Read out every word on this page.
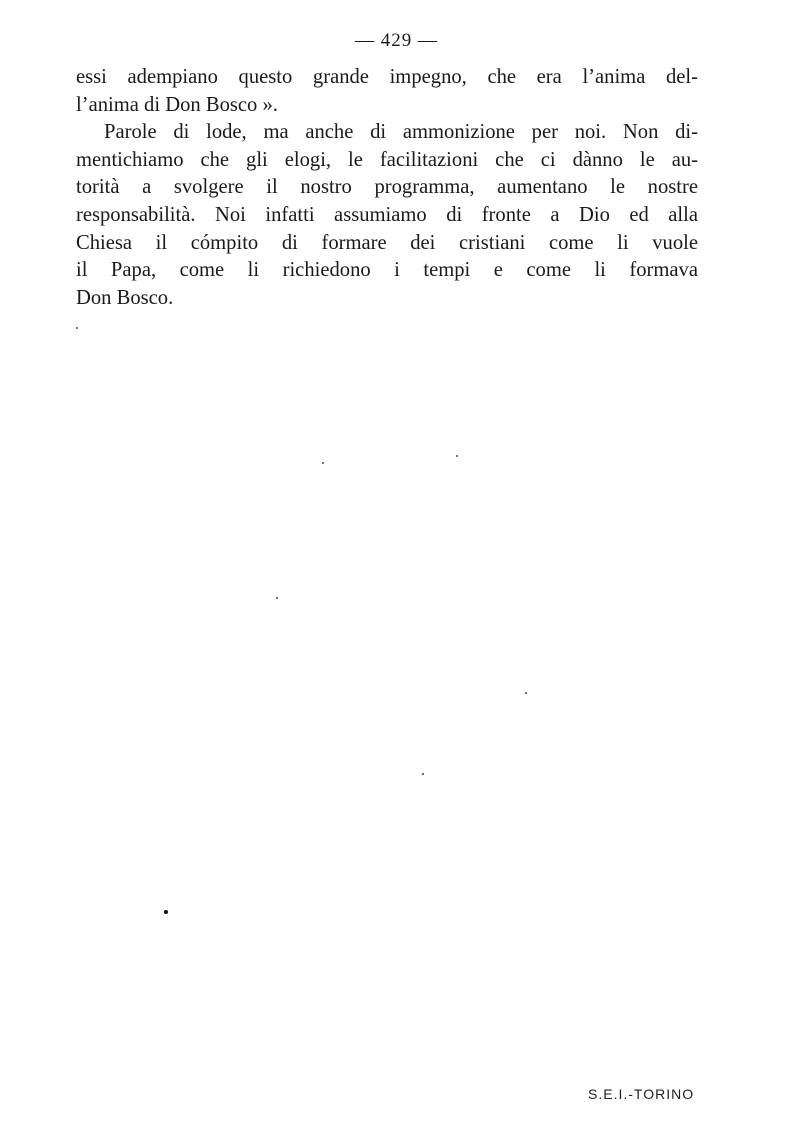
— 429 —
essi adempiano questo grande impegno, che era l’anima del-
l’anima di Don Bosco ».
Parole di lode, ma anche di ammonizione per noi. Non di-
mentichiamo che gli elogi, le facilitazioni che ci dànno le au-
torità a svolgere il nostro programma, aumentano le nostre
responsabilità. Noi infatti assumiamo di fronte a Dio ed alla
Chiesa il cómpito di formare dei cristiani come li vuole
il Papa, come li richiedono i tempi e come li formava
Don Bosco.
S.E.I.-TORINO
